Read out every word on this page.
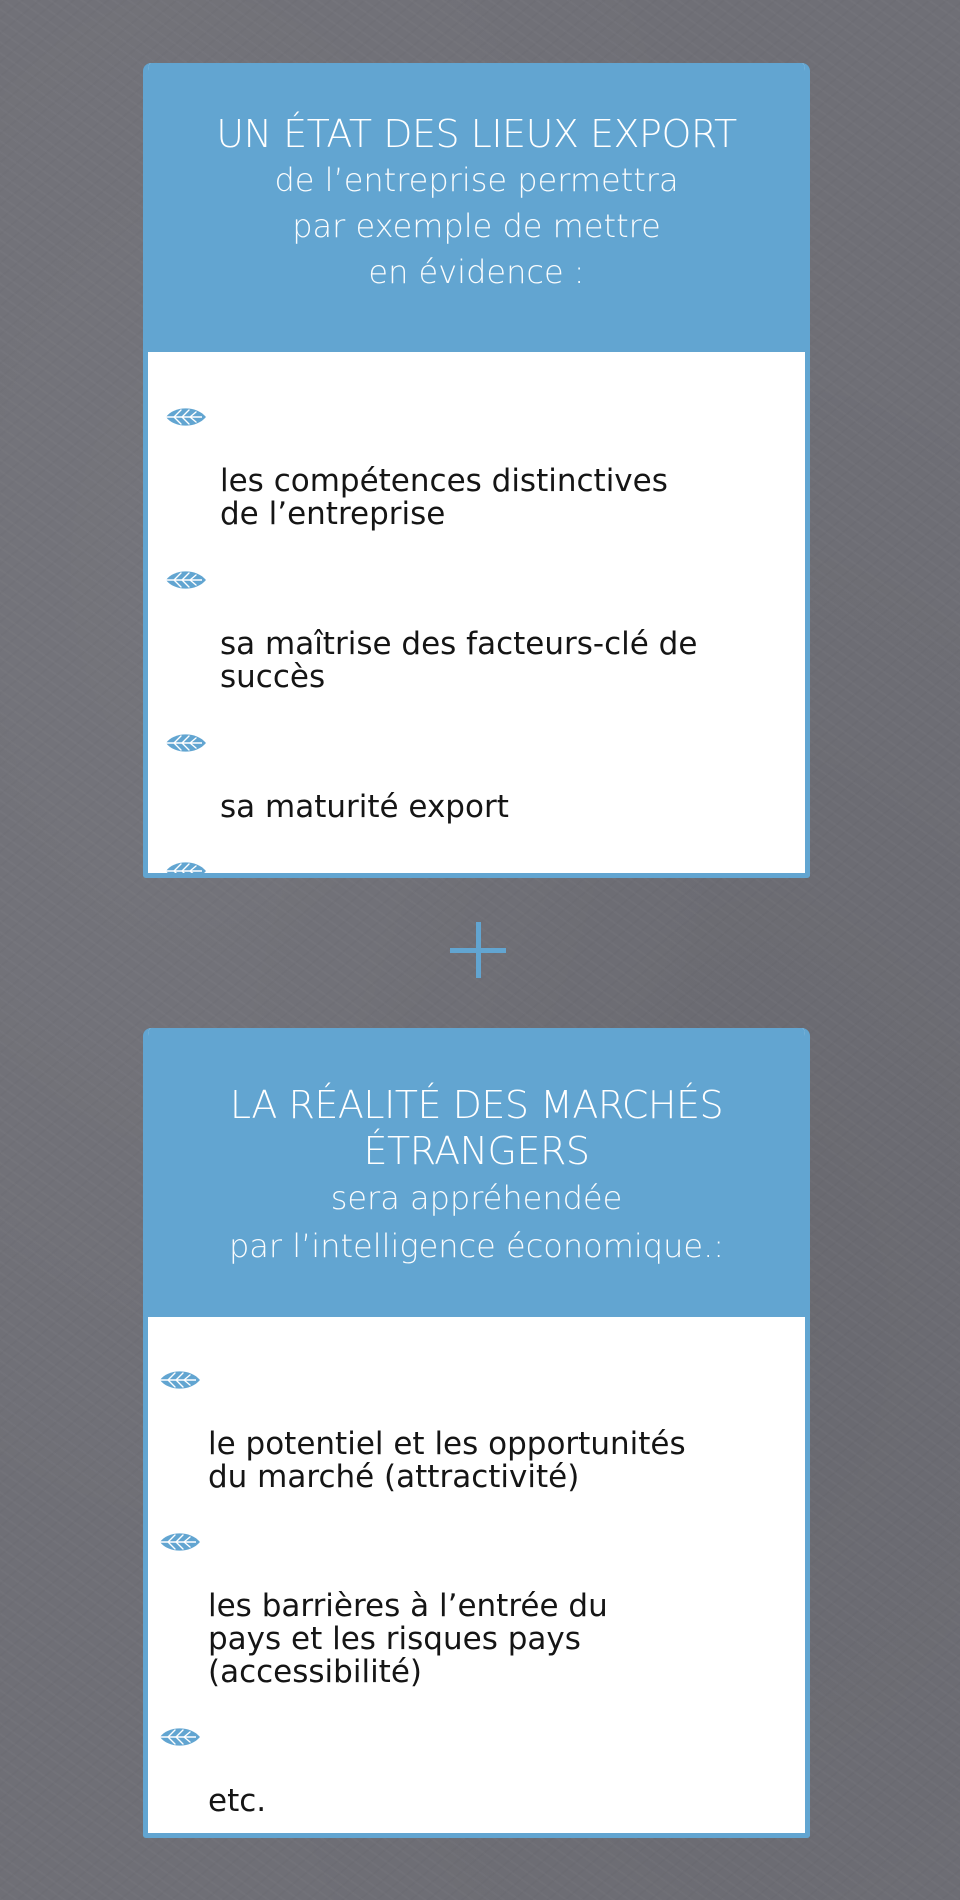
UN ÉTAT DES LIEUX EXPORT
de l’entreprise permettra
par exemple de mettre
en évidence :

les compétences distinctives
de l’entreprise

sa maîtrise des facteurs-clé de
succès

sa maturité export

LA RÉALITÉ DES MARCHÉS
ÉTRANGERS
sera appréhendée
par l’intelligence économique.:

le potentiel et les opportunités
du marché (attractivité)

les barrières à l’entrée du
pays et les risques pays
(accessibilité)

etc.
